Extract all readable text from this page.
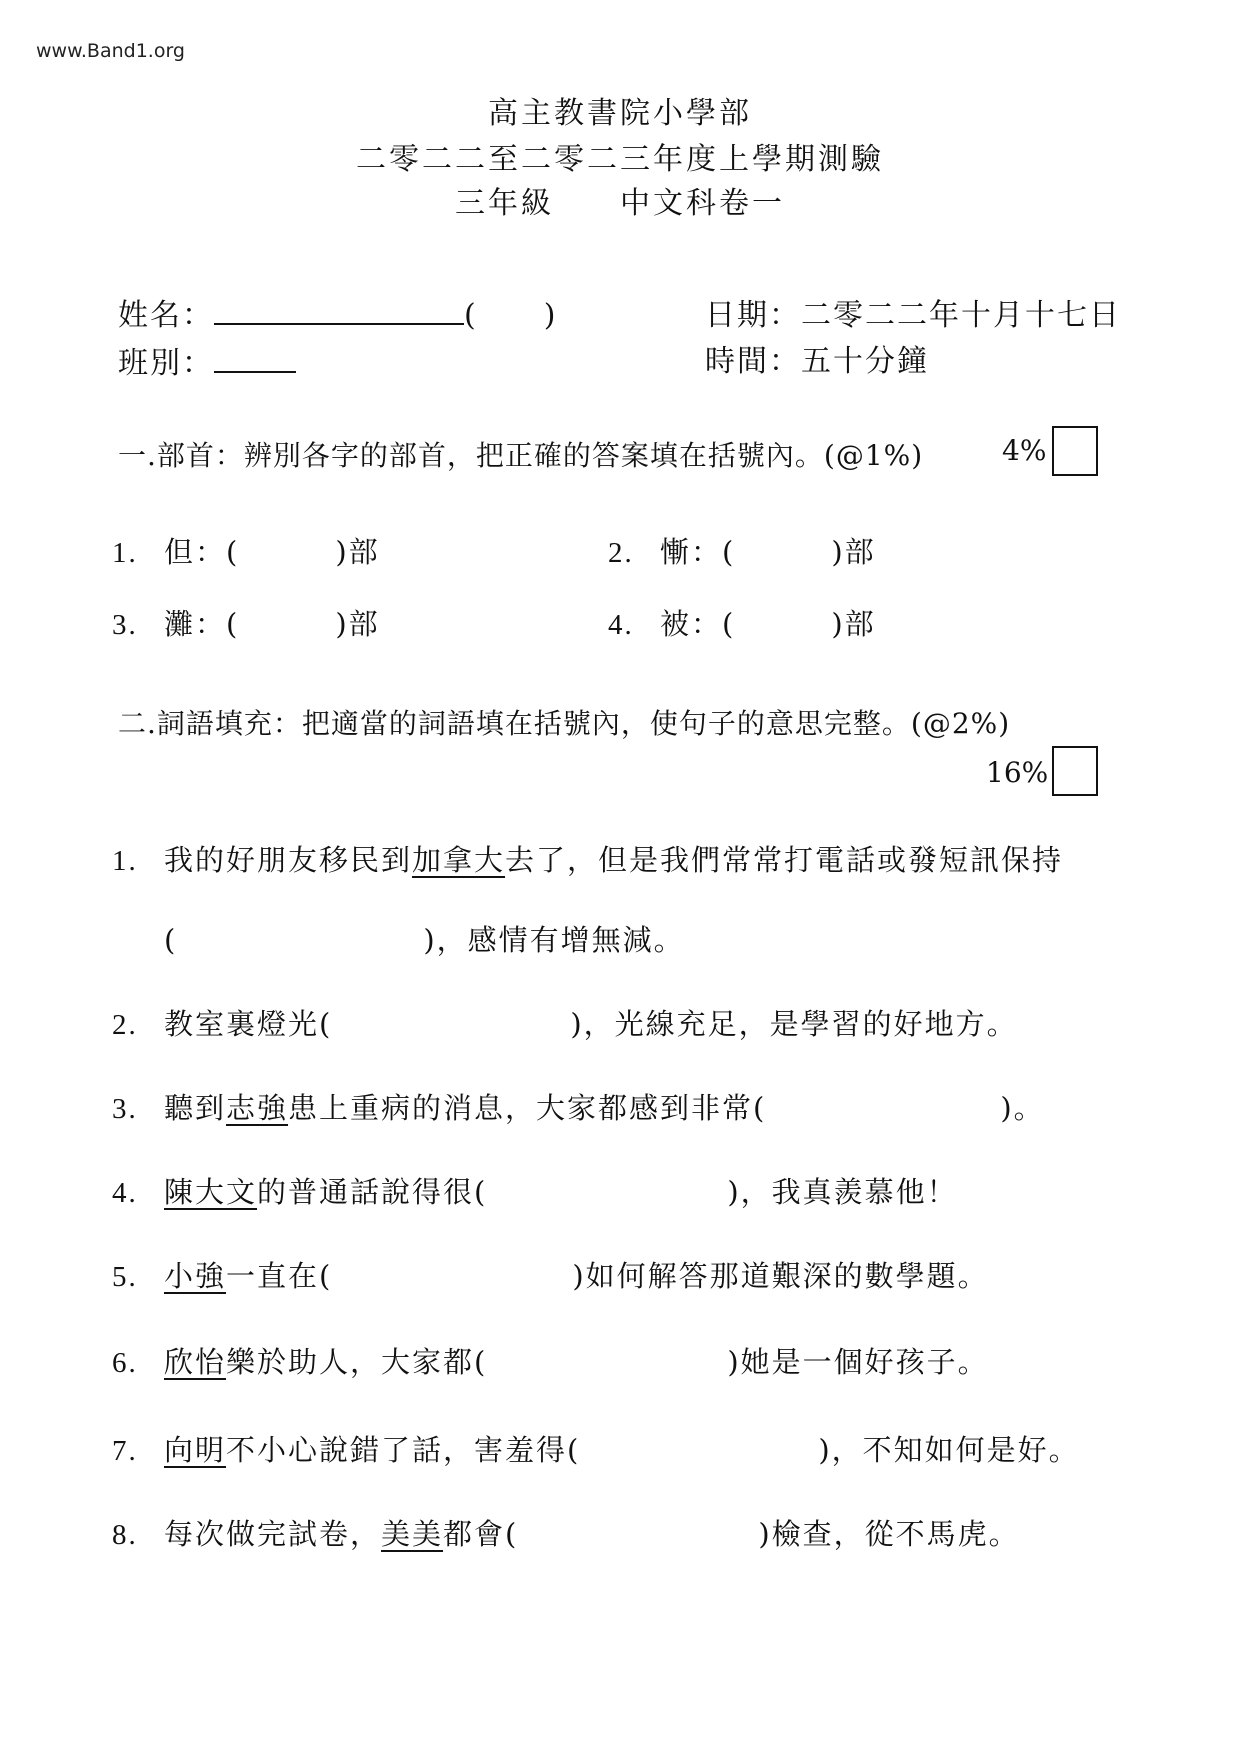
www.Band1.org
高主教書院小學部
二零二二至二零二三年度上學期測驗
三年級 中文科卷一
姓名：	( )
班別：
日期：二零二二年十月十七日
時間：五十分鐘
一.部首：辨別各字的部首，把正確的答案填在括號內。(@1%)	4%
1. 但：(	)部	2. 慚：(	)部
3. 灘：(	)部	4. 被：(	)部
二.詞語填充：把適當的詞語填在括號內，使句子的意思完整。(@2%)
16%
1. 我的好朋友移民到加拿大去了，但是我們常常打電話或發短訊保持
(	)，感情有增無減。
2. 教室裏燈光(	)，光線充足，是學習的好地方。
3. 聽到志強患上重病的消息，大家都感到非常(	)。
4. 陳大文的普通話說得很(	)，我真羨慕他！
5. 小強一直在(	)如何解答那道艱深的數學題。
6. 欣怡樂於助人，大家都(	)她是一個好孩子。
7. 向明不小心說錯了話，害羞得(	)，不知如何是好。
8. 每次做完試卷，美美都會(	)檢查，從不馬虎。
